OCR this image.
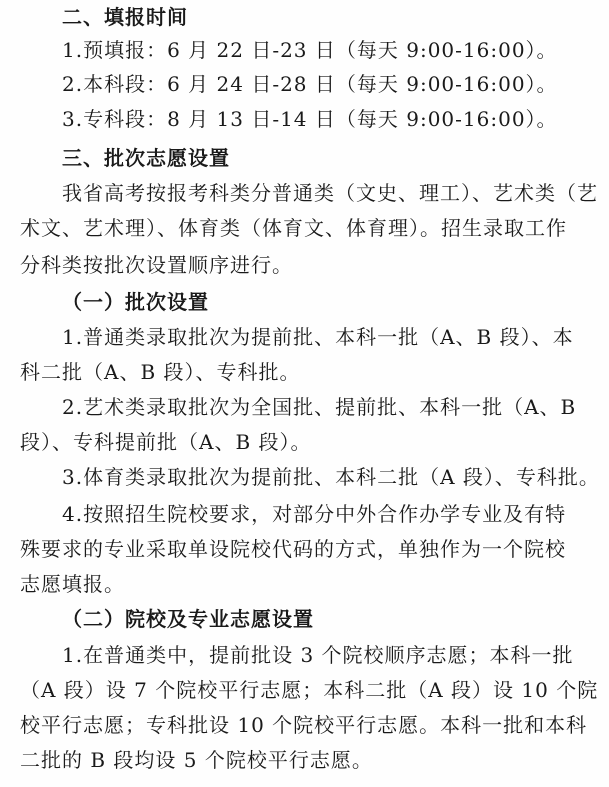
二、填报时间
1.预填报：6 月 22 日-23 日（每天 9:00-16:00）。
2.本科段：6 月 24 日-28 日（每天 9:00-16:00）。
3.专科段：8 月 13 日-14 日（每天 9:00-16:00）。
三、批次志愿设置
我省高考按报考科类分普通类（文史、理工）、艺术类（艺
术文、艺术理）、体育类（体育文、体育理）。招生录取工作
分科类按批次设置顺序进行。
（一）批次设置
1.普通类录取批次为提前批、本科一批（A、B 段）、本
科二批（A、B 段）、专科批。
2.艺术类录取批次为全国批、提前批、本科一批（A、B
段）、专科提前批（A、B 段）。
3.体育类录取批次为提前批、本科二批（A 段）、专科批。
4.按照招生院校要求，对部分中外合作办学专业及有特
殊要求的专业采取单设院校代码的方式，单独作为一个院校
志愿填报。
（二）院校及专业志愿设置
1.在普通类中，提前批设 3 个院校顺序志愿；本科一批
（A 段）设 7 个院校平行志愿；本科二批（A 段）设 10 个院
校平行志愿；专科批设 10 个院校平行志愿。本科一批和本科
二批的 B 段均设 5 个院校平行志愿。
